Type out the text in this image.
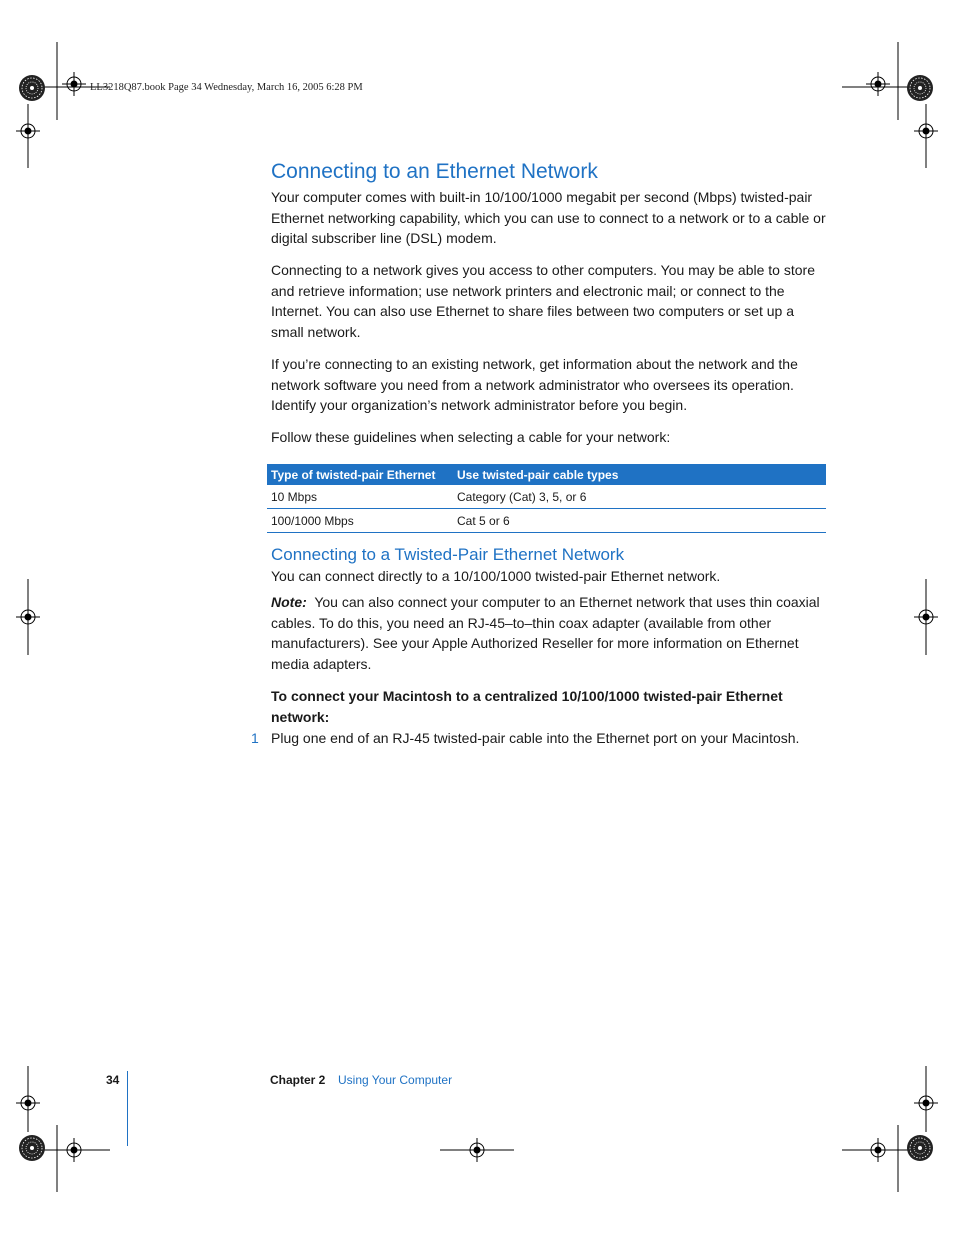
LL3218Q87.book Page 34 Wednesday, March 16, 2005 6:28 PM
Connecting to an Ethernet Network

Your computer comes with built-in 10/100/1000 megabit per second (Mbps) twisted-pair Ethernet networking capability, which you can use to connect to a network or to a cable or digital subscriber line (DSL) modem.

Connecting to a network gives you access to other computers. You may be able to store and retrieve information; use network printers and electronic mail; or connect to the Internet. You can also use Ethernet to share files between two computers or set up a small network.

If you’re connecting to an existing network, get information about the network and the network software you need from a network administrator who oversees its operation. Identify your organization’s network administrator before you begin.

Follow these guidelines when selecting a cable for your network:

Type of twisted-pair Ethernet	Use twisted-pair cable types
10 Mbps	Category (Cat) 3, 5, or 6
100/1000 Mbps	Cat 5 or 6
Connecting to a Twisted-Pair Ethernet Network

You can connect directly to a 10/100/1000 twisted-pair Ethernet network.

Note: You can also connect your computer to an Ethernet network that uses thin coaxial cables. To do this, you need an RJ-45–to–thin coax adapter (available from other manufacturers). See your Apple Authorized Reseller for more information on Ethernet media adapters.

To connect your Macintosh to a centralized 10/100/1000 twisted-pair Ethernet network:

1 Plug one end of an RJ-45 twisted-pair cable into the Ethernet port on your Macintosh.

34	Chapter 2 Using Your Computer
